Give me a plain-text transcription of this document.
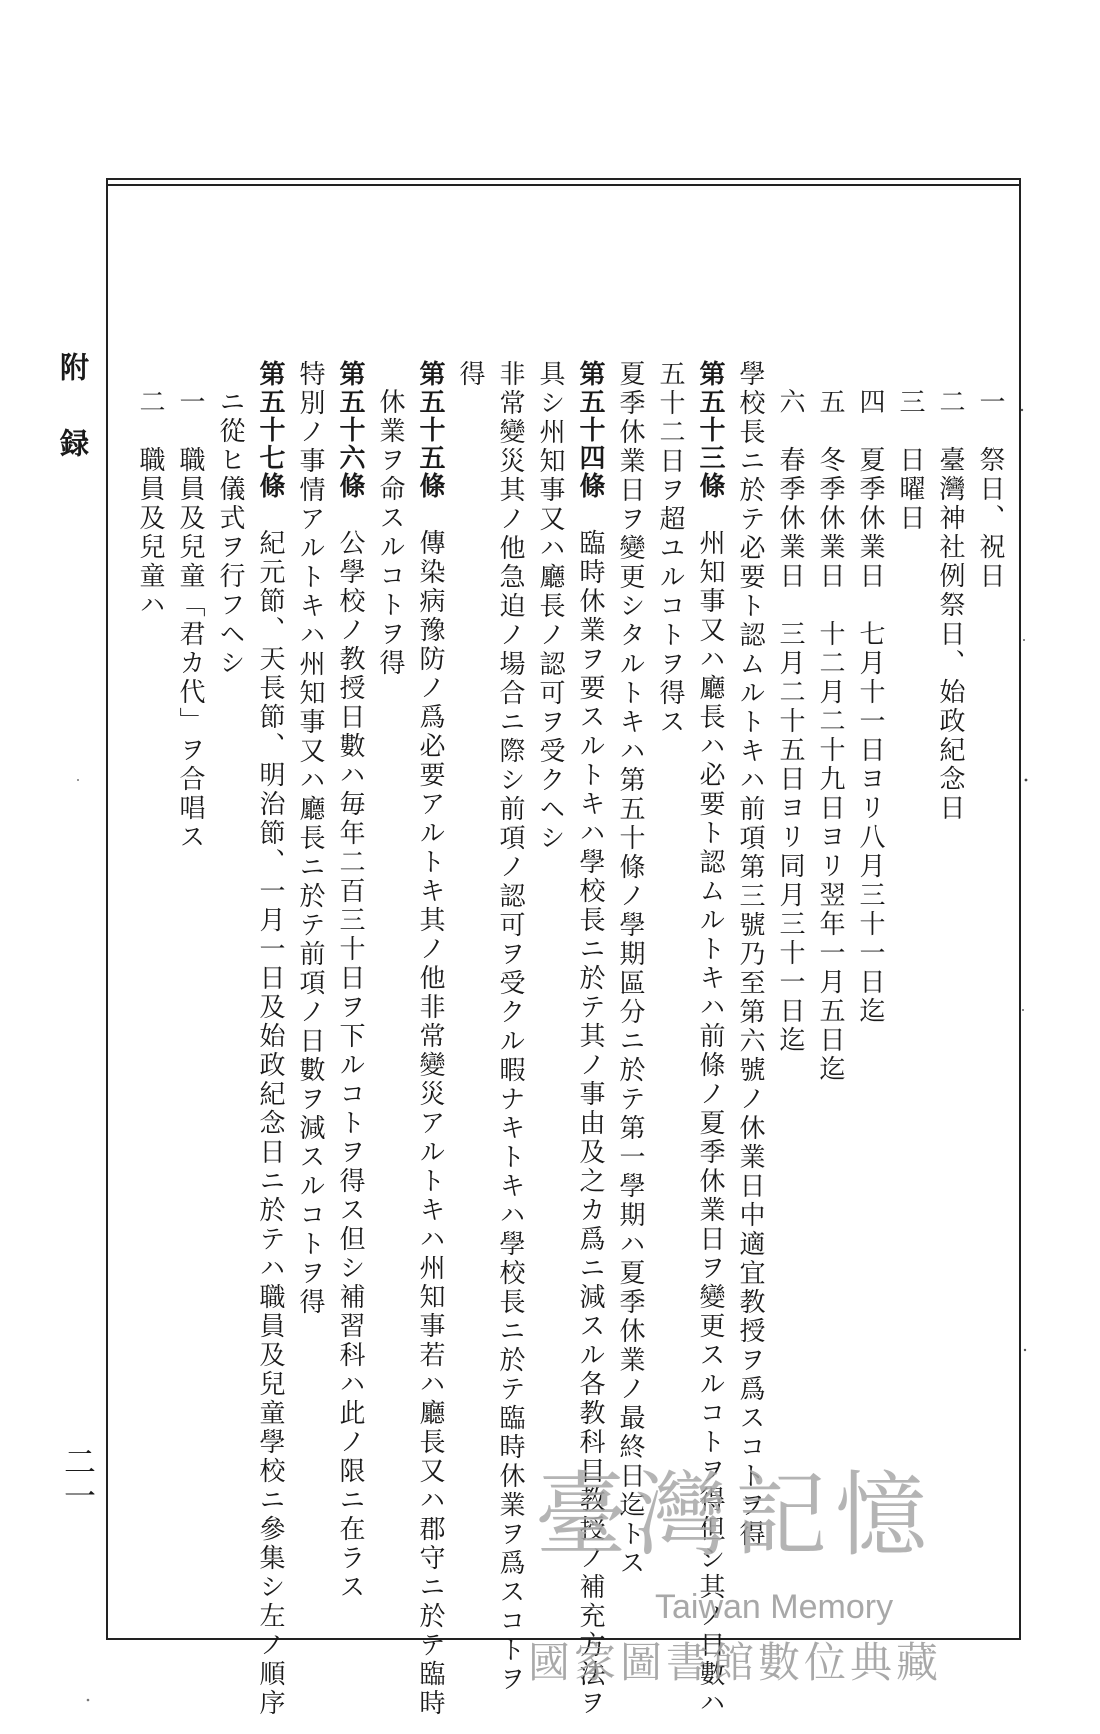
附
録
二一
一　祭日、祝日
二　臺灣神社例祭日、始政紀念日
三　日曜日
四　夏季休業日　七月十一日ヨリ八月三十一日迄
五　冬季休業日　十二月二十九日ヨリ翌年一月五日迄
六　春季休業日　三月二十五日ヨリ同月三十一日迄
學校長ニ於テ必要ト認ムルトキハ前項第三號乃至第六號ノ休業日中適宜教授ヲ爲スコトヲ得
第五十三條　州知事又ハ廳長ハ必要ト認ムルトキハ前條ノ夏季休業日ヲ變更スルコトヲ得但シ其ノ日數ハ
五十二日ヲ超ユルコトヲ得ス
夏季休業日ヲ變更シタルトキハ第五十條ノ學期區分ニ於テ第一學期ハ夏季休業ノ最終日迄トス
第五十四條　臨時休業ヲ要スルトキハ學校長ニ於テ其ノ事由及之カ爲ニ減スル各教科目教授ノ補充方法ヲ
具シ州知事又ハ廳長ノ認可ヲ受クヘシ
非常變災其ノ他急迫ノ場合ニ際シ前項ノ認可ヲ受クル暇ナキトキハ學校長ニ於テ臨時休業ヲ爲スコトヲ
得
第五十五條　傳染病豫防ノ爲必要アルトキ其ノ他非常變災アルトキハ州知事若ハ廳長又ハ郡守ニ於テ臨時
休業ヲ命スルコトヲ得
第五十六條　公學校ノ教授日數ハ毎年二百三十日ヲ下ルコトヲ得ス但シ補習科ハ此ノ限ニ在ラス
特別ノ事情アルトキハ州知事又ハ廳長ニ於テ前項ノ日數ヲ減スルコトヲ得
第五十七條　紀元節、天長節、明治節、一月一日及始政紀念日ニ於テハ職員及兒童學校ニ參集シ左ノ順序
ニ從ヒ儀式ヲ行フヘシ
一　職員及兒童「君カ代」ヲ合唱ス
二　職員及兒童ハ
臺灣記憶
Taiwan Memory
國家圖書館數位典藏
